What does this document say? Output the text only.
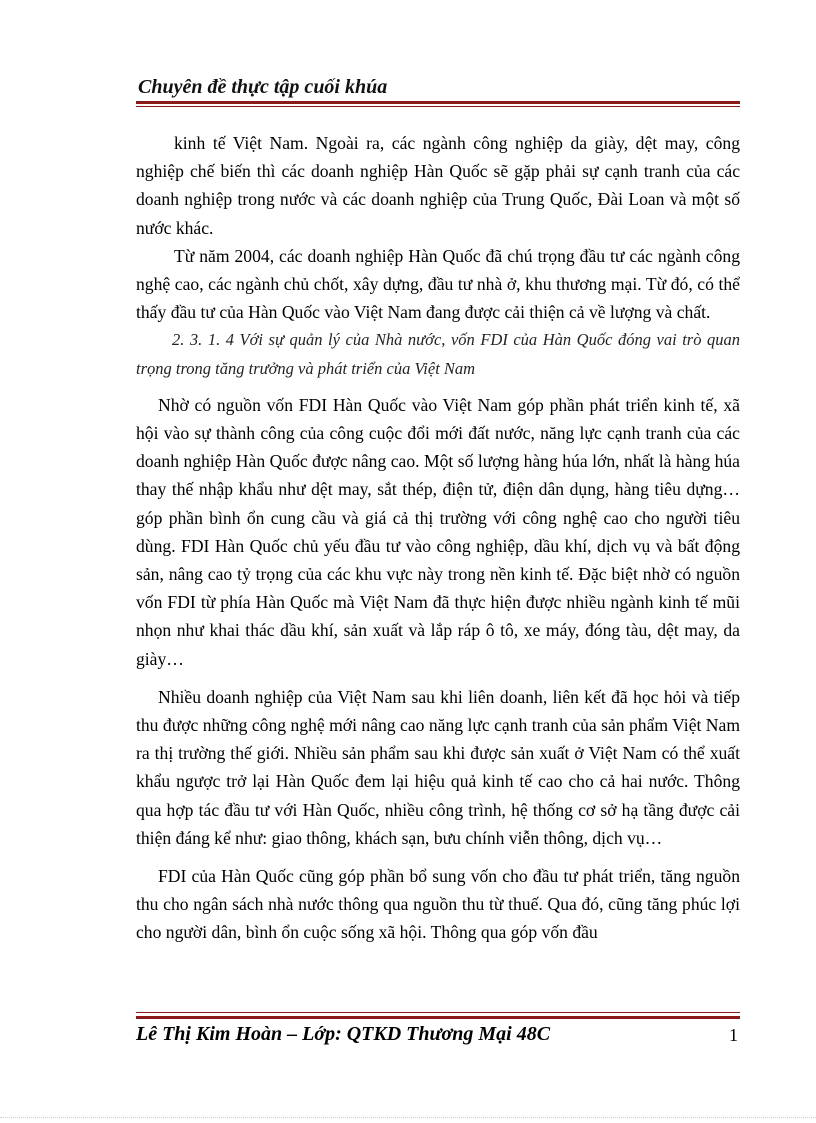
Chuyên đề thực tập cuối khúa

kinh tế Việt Nam. Ngoài ra, các ngành công nghiệp da giày, dệt may, công nghiệp chế biến thì các doanh nghiệp Hàn Quốc sẽ gặp phải sự cạnh tranh của các doanh nghiệp trong nước và các doanh nghiệp của Trung Quốc, Đài Loan và một số nước khác.

Từ năm 2004, các doanh nghiệp Hàn Quốc đã chú trọng đầu tư các ngành công nghệ cao, các ngành chủ chốt, xây dựng, đầu tư nhà ở, khu thương mại. Từ đó, có thể thấy đầu tư của Hàn Quốc vào Việt Nam đang được cải thiện cả về lượng và chất.

2. 3. 1. 4 Với sự quản lý của Nhà nước, vốn FDI của Hàn Quốc đóng vai trò quan trọng trong tăng trưởng và phát triển của Việt Nam

Nhờ có nguồn vốn FDI Hàn Quốc vào Việt Nam góp phần phát triển kinh tế, xã hội vào sự thành công của công cuộc đổi mới đất nước, năng lực cạnh tranh của các doanh nghiệp Hàn Quốc được nâng cao. Một số lượng hàng húa lớn, nhất là hàng húa thay thế nhập khẩu như dệt may, sắt thép, điện tử, điện dân dụng, hàng tiêu dựng… góp phần bình ổn cung cầu và giá cả thị trường với công nghệ cao cho người tiêu dùng. FDI Hàn Quốc chủ yếu đầu tư vào công nghiệp, dầu khí, dịch vụ và bất động sản, nâng cao tỷ trọng của các khu vực này trong nền kinh tế. Đặc biệt nhờ có nguồn vốn FDI từ phía Hàn Quốc mà Việt Nam đã thực hiện được nhiều ngành kinh tế mũi nhọn như khai thác dầu khí, sản xuất và lắp ráp ô tô, xe máy, đóng tàu, dệt may, da giày…

Nhiều doanh nghiệp của Việt Nam sau khi liên doanh, liên kết đã học hỏi và tiếp thu được những công nghệ mới nâng cao năng lực cạnh tranh của sản phẩm Việt Nam ra thị trường thế giới. Nhiều sản phẩm sau khi được sản xuất ở Việt Nam có thể xuất khẩu ngược trở lại Hàn Quốc đem lại hiệu quả kinh tế cao cho cả hai nước. Thông qua hợp tác đầu tư với Hàn Quốc, nhiều công trình, hệ thống cơ sở hạ tầng được cải thiện đáng kể như: giao thông, khách sạn, bưu chính viễn thông, dịch vụ…

FDI của Hàn Quốc cũng góp phần bổ sung vốn cho đầu tư phát triển, tăng nguồn thu cho ngân sách nhà nước thông qua nguồn thu từ thuế. Qua đó, cũng tăng phúc lợi cho người dân, bình ổn cuộc sống xã hội. Thông qua góp vốn đầu

Lê Thị Kim Hoàn – Lớp: QTKD Thương Mại 48C	1
